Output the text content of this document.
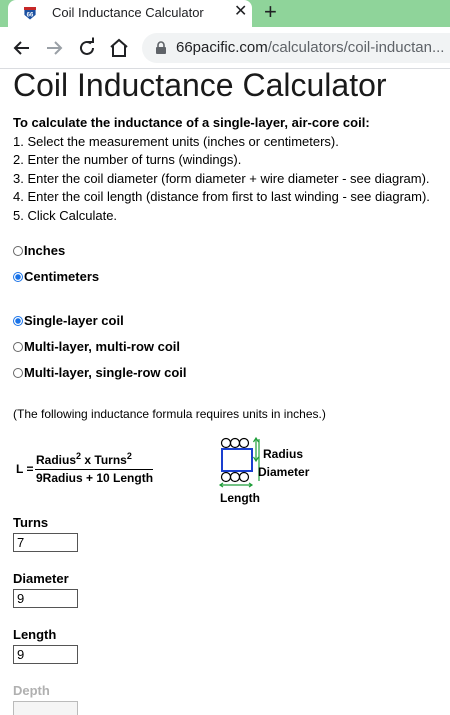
66 Coil Inductance Calculator ✕ +
66pacific.com/calculators/coil-inductan...
Coil Inductance Calculator
To calculate the inductance of a single-layer, air-core coil:
1. Select the measurement units (inches or centimeters).
2. Enter the number of turns (windings).
3. Enter the coil diameter (form diameter + wire diameter - see diagram).
4. Enter the coil length (distance from first to last winding - see diagram).
5. Click Calculate.
Inches
Centimeters
Single-layer coil
Multi-layer, multi-row coil
Multi-layer, single-row coil
(The following inductance formula requires units in inches.)
L =
Radius$^2$ x Turns$^2$
9Radius + 10 Length
Radius
Diameter
Length
Turns
7
Diameter
9
Length
9
Depth
